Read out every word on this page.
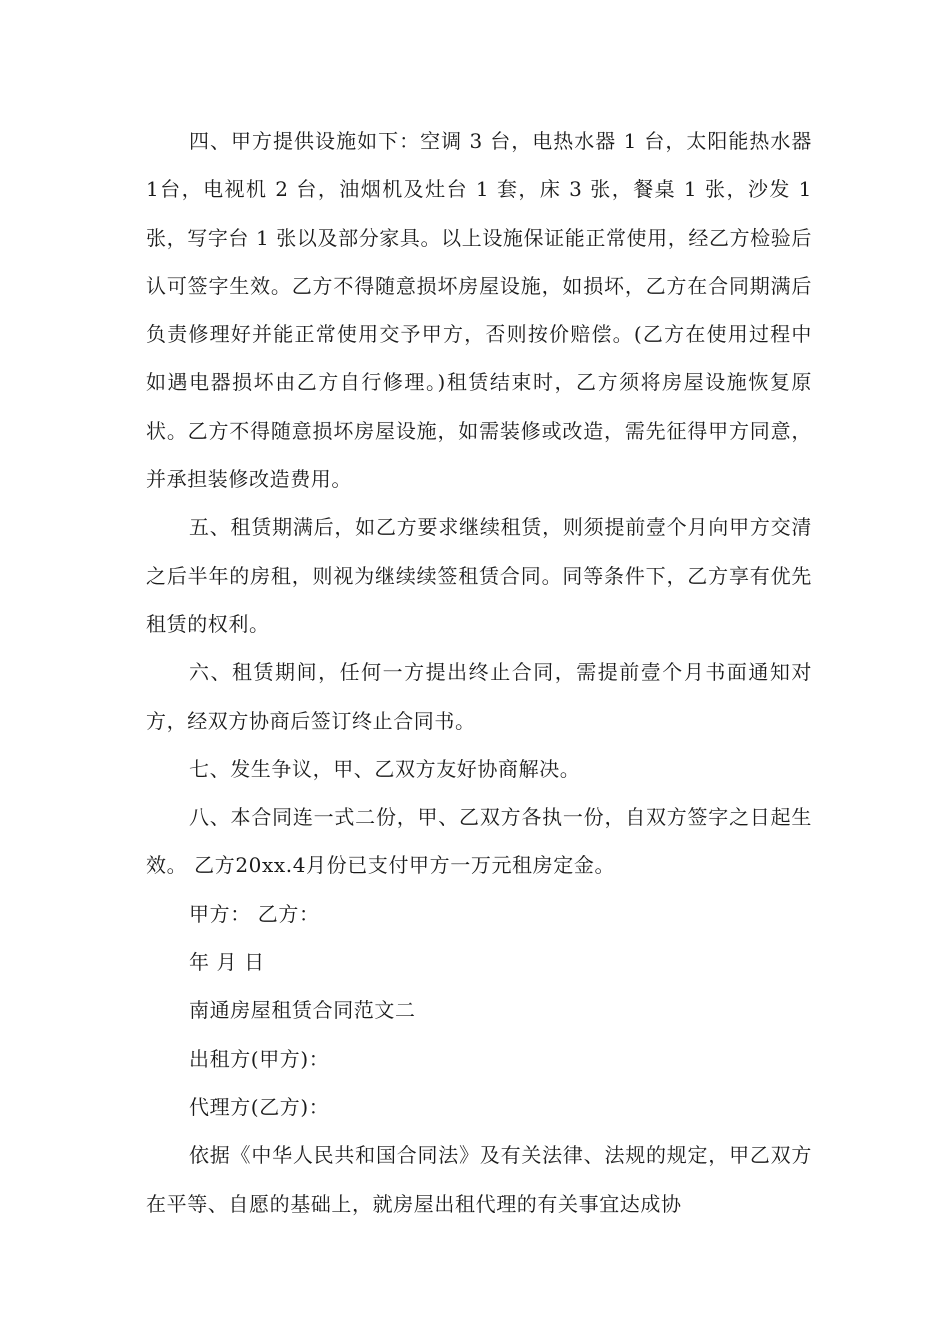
四、甲方提供设施如下：空调 3 台，电热水器 1 台，太阳能热水器 1台，电视机 2 台，油烟机及灶台 1 套，床 3 张，餐桌 1 张，沙发 1 张，写字台 1 张以及部分家具。以上设施保证能正常使用，经乙方检验后认可签字生效。乙方不得随意损坏房屋设施，如损坏，乙方在合同期满后负责修理好并能正常使用交予甲方，否则按价赔偿。(乙方在使用过程中如遇电器损坏由乙方自行修理。)租赁结束时，乙方须将房屋设施恢复原状。乙方不得随意损坏房屋设施，如需装修或改造，需先征得甲方同意，并承担装修改造费用。

五、租赁期满后，如乙方要求继续租赁，则须提前壹个月向甲方交清之后半年的房租，则视为继续续签租赁合同。同等条件下，乙方享有优先租赁的权利。

六、租赁期间，任何一方提出终止合同，需提前壹个月书面通知对方，经双方协商后签订终止合同书。

七、发生争议，甲、乙双方友好协商解决。

八、本合同连一式二份，甲、乙双方各执一份，自双方签字之日起生效。 乙方20xx.4月份已支付甲方一万元租房定金。

甲方： 乙方：

年 月 日

南通房屋租赁合同范文二

出租方(甲方)：

代理方(乙方)：

依据《中华人民共和国合同法》及有关法律、法规的规定，甲乙双方在平等、自愿的基础上，就房屋出租代理的有关事宜达成协
